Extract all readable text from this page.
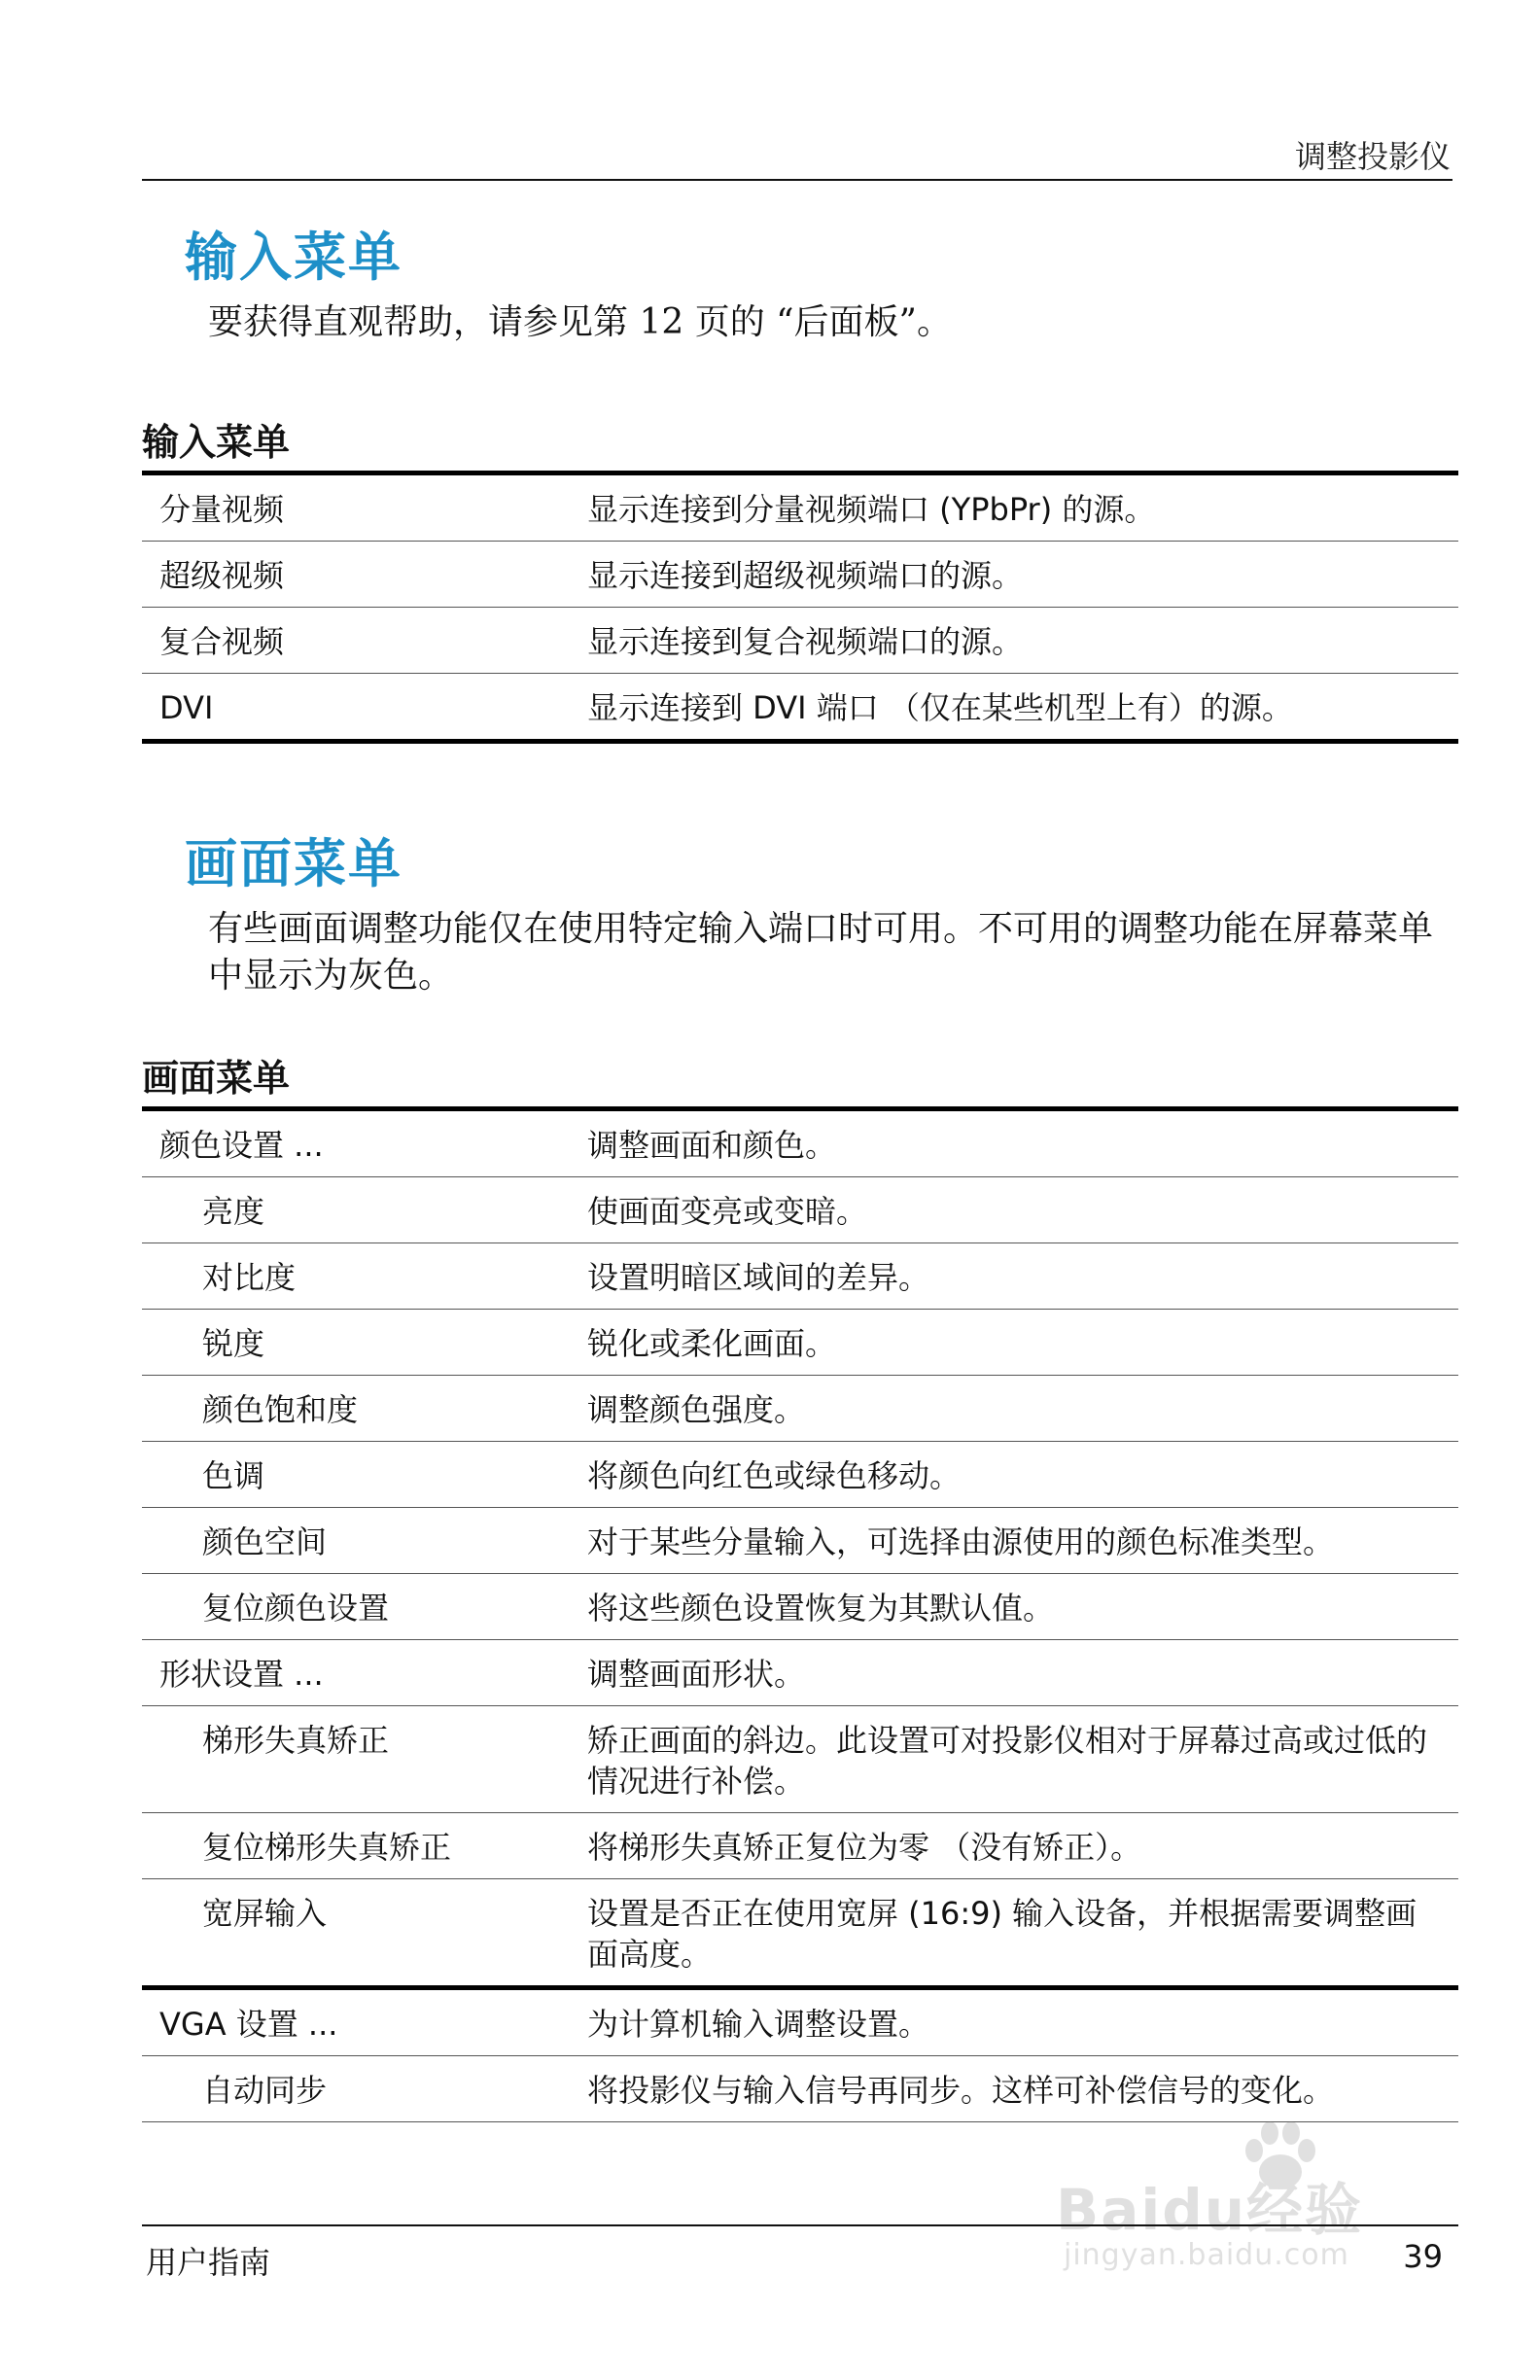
调整投影仪
输入菜单
要获得直观帮助，请参见第 12 页的 “后面板”。
输入菜单
分量视频	显示连接到分量视频端口 (YPbPr) 的源。
超级视频	显示连接到超级视频端口的源。
复合视频	显示连接到复合视频端口的源。
DVI	显示连接到 DVI 端口 （仅在某些机型上有）的源。
画面菜单
有些画面调整功能仅在使用特定输入端口时可用。不可用的调整功能在屏幕菜单中显示为灰色。
画面菜单
颜色设置 ...	调整画面和颜色。
亮度	使画面变亮或变暗。
对比度	设置明暗区域间的差异。
锐度	锐化或柔化画面。
颜色饱和度	调整颜色强度。
色调	将颜色向红色或绿色移动。
颜色空间	对于某些分量输入，可选择由源使用的颜色标准类型。
复位颜色设置	将这些颜色设置恢复为其默认值。
形状设置 ...	调整画面形状。
梯形失真矫正	矫正画面的斜边。此设置可对投影仪相对于屏幕过高或过低的情况进行补偿。
复位梯形失真矫正	将梯形失真矫正复位为零 （没有矫正）。
宽屏输入	设置是否正在使用宽屏 (16:9) 输入设备，并根据需要调整画面高度。
VGA 设置 ...	为计算机输入调整设置。
自动同步	将投影仪与输入信号再同步。这样可补偿信号的变化。
Baidu经验
jingyan.baidu.com
用户指南	39
